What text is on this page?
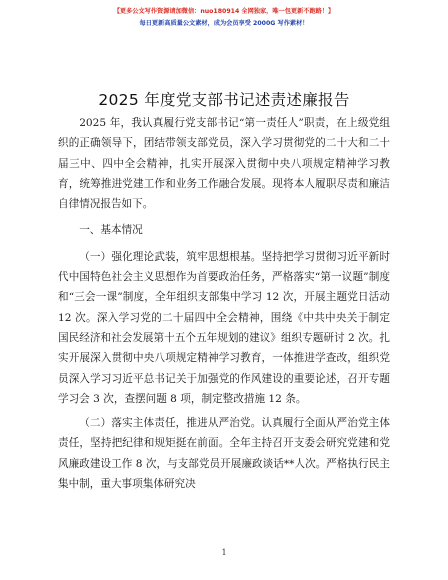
【更多公文写作资源请加微信：nuo180914 全网独家，唯一包更新不跑路！】
每日更新高质量公文素材，成为会员享受 2000G 写作素材！
2025 年度党支部书记述责述廉报告

2025 年，我认真履行党支部书记“第一责任人”职责，在上级党组织的正确领导下，团结带领支部党员，深入学习贯彻党的二十大和二十届三中、四中全会精神，扎实开展深入贯彻中央八项规定精神学习教育，统筹推进党建工作和业务工作融合发展。现将本人履职尽责和廉洁自律情况报告如下。

一、基本情况

（一）强化理论武装，筑牢思想根基。坚持把学习贯彻习近平新时代中国特色社会主义思想作为首要政治任务，严格落实“第一议题”制度和“三会一课”制度，全年组织支部集中学习 12 次，开展主题党日活动 12 次。深入学习党的二十届四中全会精神，围绕《中共中央关于制定国民经济和社会发展第十五个五年规划的建议》组织专题研讨 2 次。扎实开展深入贯彻中央八项规定精神学习教育，一体推进学查改，组织党员深入学习习近平总书记关于加强党的作风建设的重要论述，召开专题学习会 3 次，查摆问题 8 项，制定整改措施 12 条。

（二）落实主体责任，推进从严治党。认真履行全面从严治党主体责任，坚持把纪律和规矩挺在前面。全年主持召开支委会研究党建和党风廉政建设工作 8 次，与支部党员开展廉政谈话**人次。严格执行民主集中制，重大事项集体研究决

1
